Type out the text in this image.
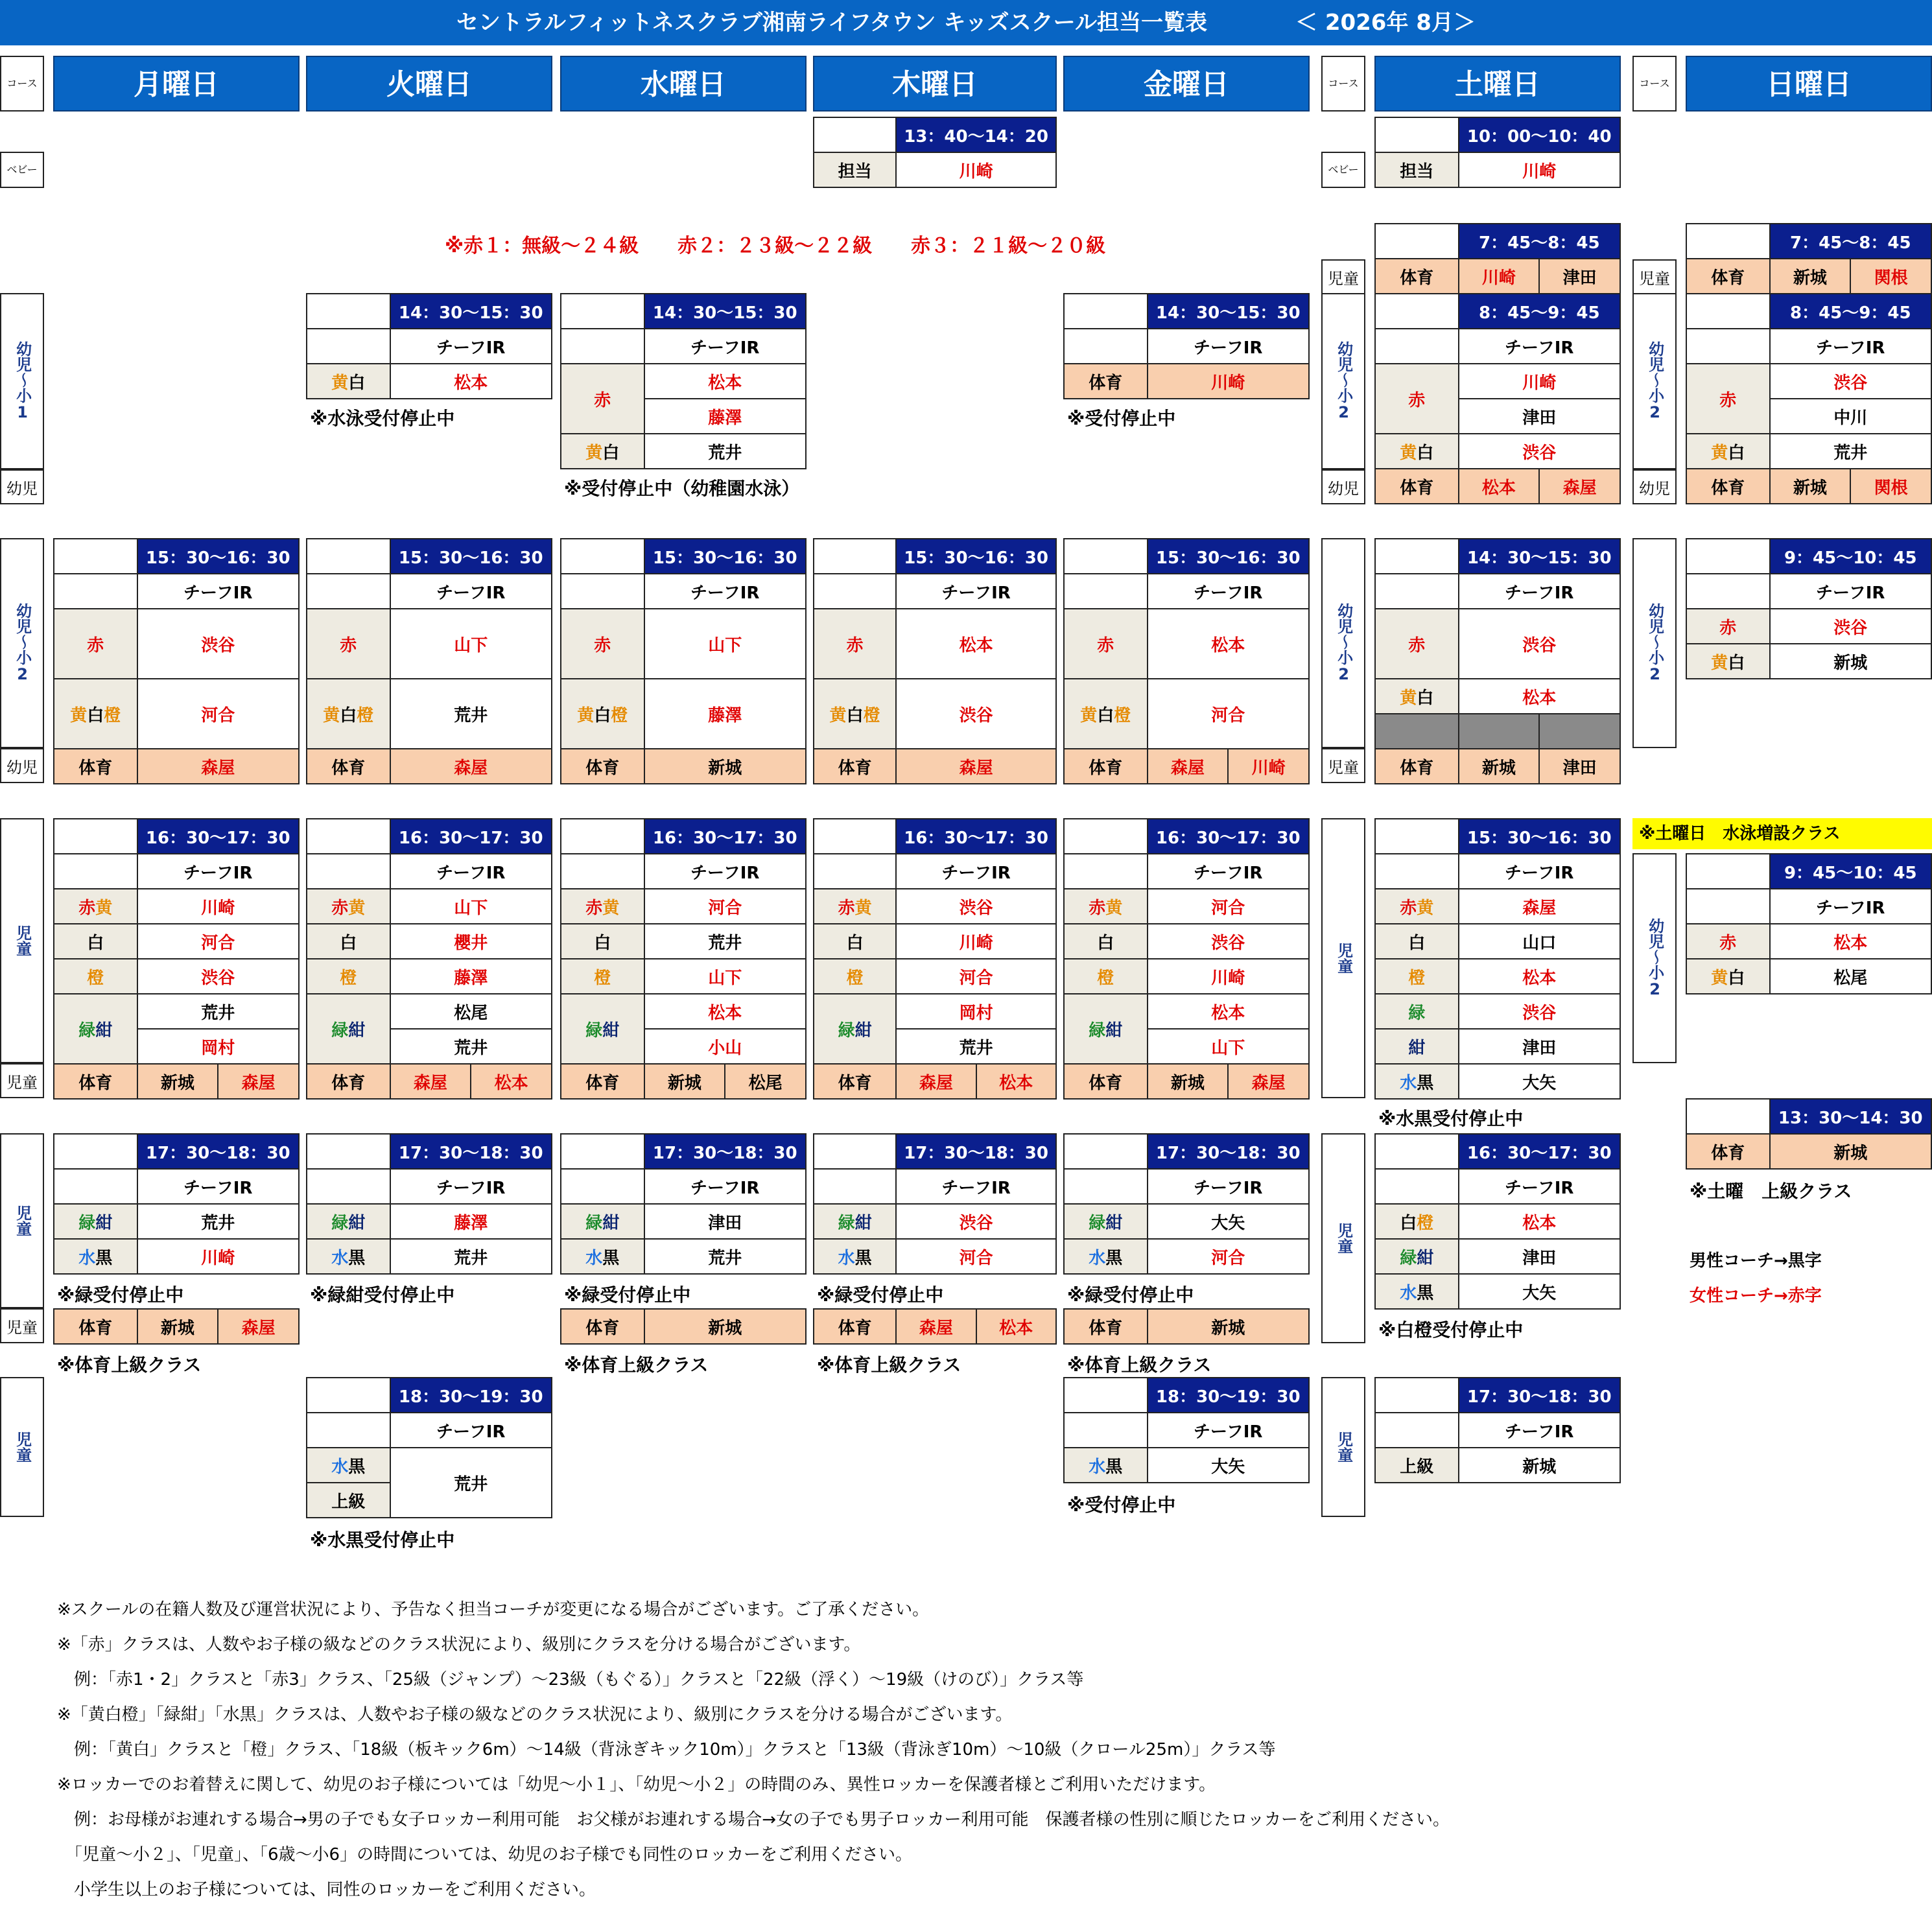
セントラルフィットネスクラブ湘南ライフタウン キッズスクール担当一覧表　　　　	＜ 2026年 8月＞
コース	月曜日	火曜日	水曜日	木曜日	金曜日	コース	土曜日	コース	日曜日
ベビー	ベビー
	13：40～14：20
担当	川崎
	10：00～10：40
担当	川崎
※赤１：無級～２４級　　赤２：２３級～２２級　　赤３：２１級～２０級
幼児～小1
幼児
	14：30～15：30
	チーフIR
黄白	松本
※水泳受付停止中
	14：30～15：30
	チーフIR
赤	松本
	藤澤
黄白	荒井
※受付停止中（幼稚園水泳）
	14：30～15：30
	チーフIR
体育	川崎
※受付停止中
児童
	7：45～8：45	
体育	川崎	津田
幼児～小2
幼児
	8：45～9：45	
	チーフIR	
赤	川崎	
	津田	
黄白	渋谷	
体育	松本	森屋
児童
	7：45～8：45	
体育	新城	関根
幼児～小2
幼児
	8：45～9：45	
	チーフIR	
赤	渋谷	
	中川	
黄白	荒井	
体育	新城	関根
幼児～小2
幼児
幼児～小2
児童
幼児～小2
	15：30～16：30
	チーフIR
赤	渋谷
黄白橙	河合
体育	森屋
	15：30～16：30
	チーフIR
赤	山下
黄白橙	荒井
体育	森屋
	15：30～16：30
	チーフIR
赤	山下
黄白橙	藤澤
体育	新城
	15：30～16：30
	チーフIR
赤	松本
黄白橙	渋谷
体育	森屋
	15：30～16：30	
	チーフIR	
赤	松本	
黄白橙	河合	
体育	森屋	川崎
	14：30～15：30	
	チーフIR	
赤	渋谷	
黄白	松本	

体育	新城	津田
	9：45～10：45
	チーフIR
赤	渋谷
黄白	新城
児童
児童
児童
	16：30～17：30	
	チーフIR	
赤黄	川崎	
白	河合	
橙	渋谷	
緑紺	荒井	
	岡村	
体育	新城	森屋
	16：30～17：30	
	チーフIR	
赤黄	山下	
白	櫻井	
橙	藤澤	
緑紺	松尾	
	荒井	
体育	森屋	松本
	16：30～17：30	
	チーフIR	
赤黄	河合	
白	荒井	
橙	山下	
緑紺	松本	
	小山	
体育	新城	松尾
	16：30～17：30	
	チーフIR	
赤黄	渋谷	
白	川崎	
橙	河合	
緑紺	岡村	
	荒井	
体育	森屋	松本
	16：30～17：30	
	チーフIR	
赤黄	河合	
白	渋谷	
橙	川崎	
緑紺	松本	
	山下	
体育	新城	森屋
	15：30～16：30
	チーフIR
赤黄	森屋
白	山口
橙	松本
緑	渋谷
紺	津田
水黒	大矢
※水黒受付停止中
※土曜日　水泳増設クラス
幼児～小2
	9：45～10：45
	チーフIR
赤	松本
黄白	松尾
	13：30～14：30
体育	新城
※土曜　上級クラス
男性コーチ→黒字
女性コーチ→赤字
児童
児童
児童
	17：30～18：30
	チーフIR
緑紺	荒井
水黒	川崎
※緑受付停止中
体育	新城	森屋
※体育上級クラス
	17：30～18：30
	チーフIR
緑紺	藤澤
水黒	荒井
※緑紺受付停止中
	17：30～18：30
	チーフIR
緑紺	津田
水黒	荒井
※緑受付停止中
体育	新城
※体育上級クラス
	17：30～18：30
	チーフIR
緑紺	渋谷
水黒	河合
※緑受付停止中
体育	森屋	松本
※体育上級クラス
	17：30～18：30
	チーフIR
緑紺	大矢
水黒	河合
※緑受付停止中
体育	新城
※体育上級クラス
	16：30～17：30
	チーフIR
白橙	松本
緑紺	津田
水黒	大矢
※白橙受付停止中
児童	児童
	18：30～19：30
	チーフIR
水黒	荒井
上級	
※水黒受付停止中
	18：30～19：30
	チーフIR
水黒	大矢
※受付停止中
	17：30～18：30
	チーフIR
上級	新城
※スクールの在籍人数及び運営状況により、予告なく担当コーチが変更になる場合がございます。ご了承ください。
※「赤」クラスは、人数やお子様の級などのクラス状況により、級別にクラスを分ける場合がございます。
　例：「赤1・2」クラスと「赤3」クラス、「25級（ジャンプ）～23級（もぐる）」クラスと「22級（浮く）～19級（けのび）」クラス等
※「黄白橙」「緑紺」「水黒」クラスは、人数やお子様の級などのクラス状況により、級別にクラスを分ける場合がございます。
　例：「黄白」クラスと「橙」クラス、「18級（板キック6m）～14級（背泳ぎキック10m）」クラスと「13級（背泳ぎ10m）～10級（クロール25m）」クラス等
※ロッカーでのお着替えに関して、幼児のお子様については「幼児～小１」、「幼児～小２」の時間のみ、異性ロッカーを保護者様とご利用いただけます。
　例：お母様がお連れする場合→男の子でも女子ロッカー利用可能　お父様がお連れする場合→女の子でも男子ロッカー利用可能　保護者様の性別に順じたロッカーをご利用ください。
　「児童～小２」、「児童」、「6歳～小6」の時間については、幼児のお子様でも同性のロッカーをご利用ください。
　小学生以上のお子様については、同性のロッカーをご利用ください。
